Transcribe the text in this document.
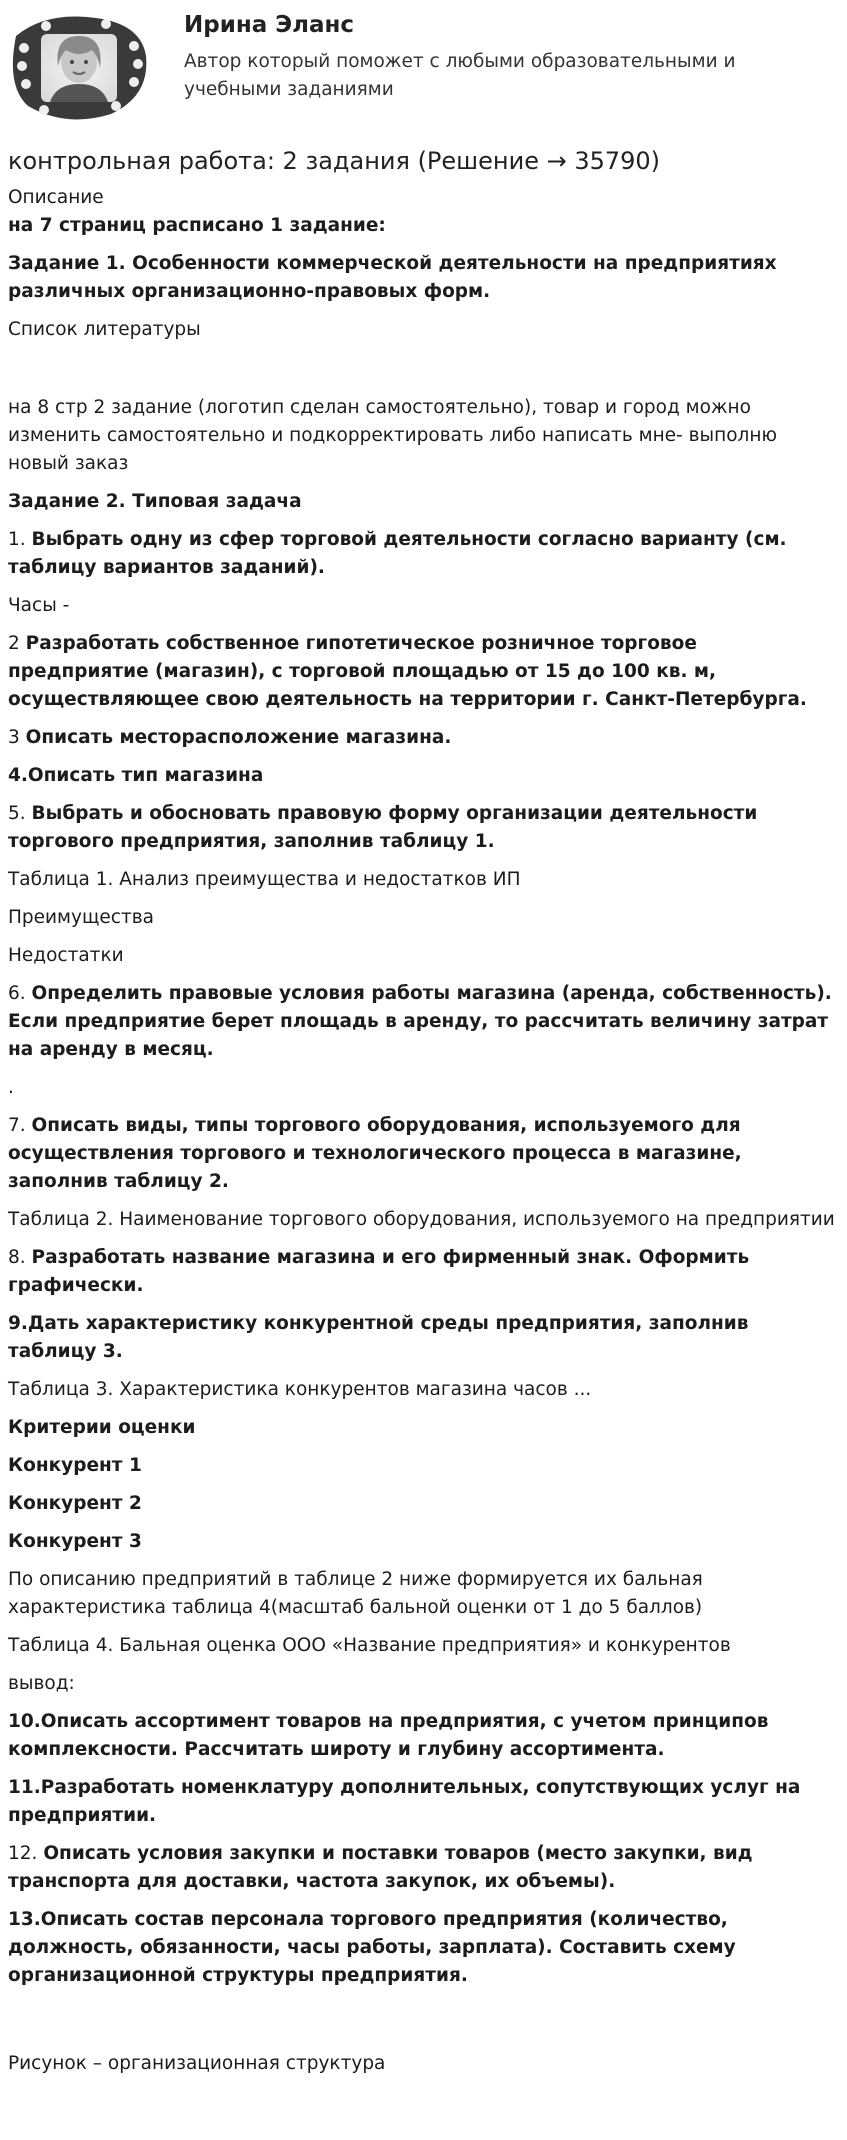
Ирина Эланс
Автор который поможет с любыми образовательными и учебными заданиями
контрольная работа: 2 задания (Решение → 35790)
Описание
на 7 страниц расписано 1 задание:
Задание 1. Особенности коммерческой деятельности на предприятиях различных организационно-правовых форм.
Список литературы
на 8 стр 2 задание (логотип сделан самостоятельно), товар и город можно изменить самостоятельно и подкорректировать либо написать мне- выполню новый заказ
Задание 2. Типовая задача
1. Выбрать одну из сфер торговой деятельности согласно варианту (см. таблицу вариантов заданий).
Часы -
2 Разработать собственное гипотетическое розничное торговое предприятие (магазин), с торговой площадью от 15 до 100 кв. м, осуществляющее свою деятельность на территории г. Санкт-Петербурга.
3 Описать месторасположение магазина.
4.Описать тип магазина
5. Выбрать и обосновать правовую форму организации деятельности торгового предприятия, заполнив таблицу 1.
Таблица 1. Анализ преимущества и недостатков ИП
Преимущества
Недостатки
6. Определить правовые условия работы магазина (аренда, собственность). Если предприятие берет площадь в аренду, то рассчитать величину затрат на аренду в месяц.
.
7. Описать виды, типы торгового оборудования, используемого для осуществления торгового и технологического процесса в магазине, заполнив таблицу 2.
Таблица 2. Наименование торгового оборудования, используемого на предприятии
8. Разработать название магазина и его фирменный знак. Оформить графически.
9.Дать характеристику конкурентной среды предприятия, заполнив таблицу 3.
Таблица 3. Характеристика конкурентов магазина часов ...
Критерии оценки
Конкурент 1
Конкурент 2
Конкурент 3
По описанию предприятий в таблице 2 ниже формируется их бальная характеристика таблица 4(масштаб бальной оценки от 1 до 5 баллов)
Таблица 4. Бальная оценка ООО «Название предприятия» и конкурентов
вывод:
10.Описать ассортимент товаров на предприятия, с учетом принципов комплексности. Рассчитать широту и глубину ассортимента.
11.Разработать номенклатуру дополнительных, сопутствующих услуг на предприятии.
12. Описать условия закупки и поставки товаров (место закупки, вид транспорта для доставки, частота закупок, их объемы).
13.Описать состав персонала торгового предприятия (количество, должность, обязанности, часы работы, зарплата). Составить схему организационной структуры предприятия.
Рисунок – организационная структура
